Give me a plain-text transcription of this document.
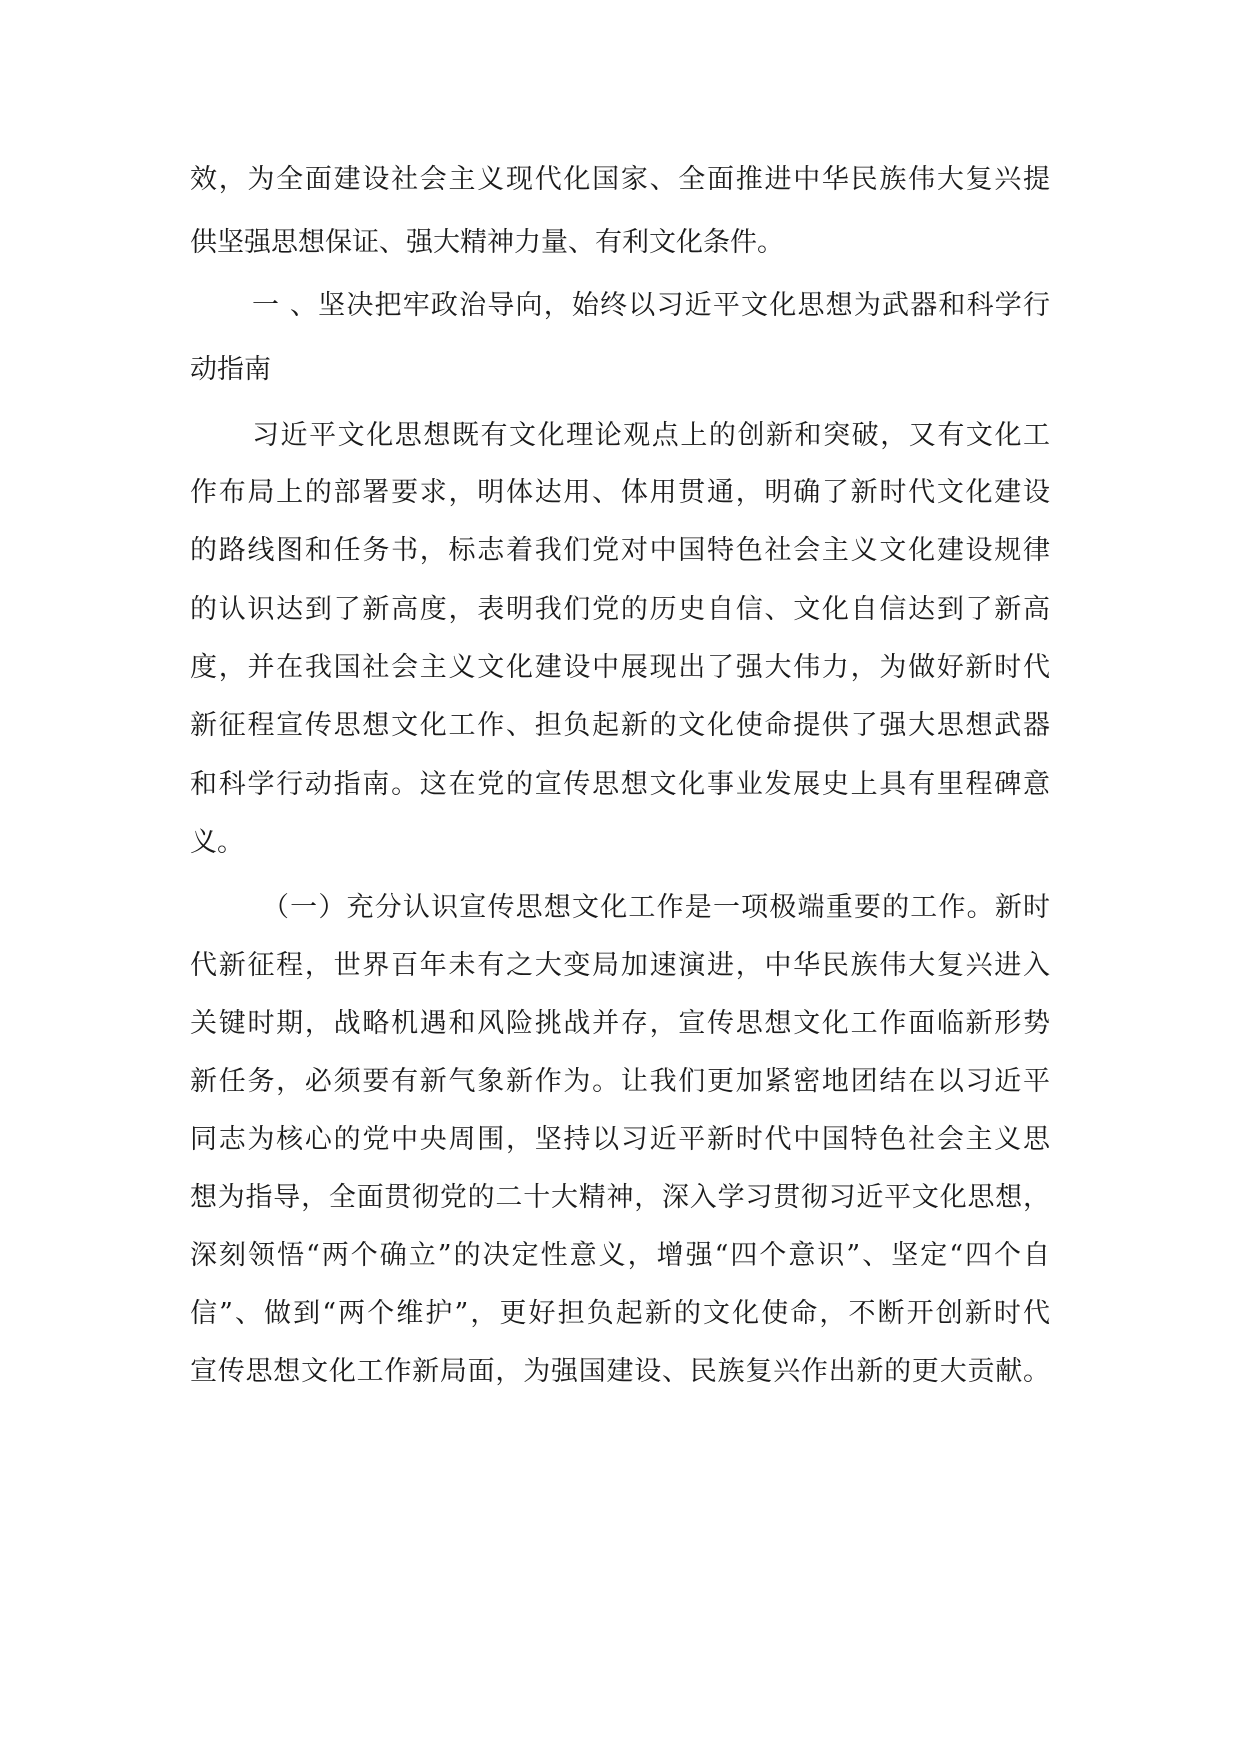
效，为全面建设社会主义现代化国家、全面推进中华民族伟大复兴提
供坚强思想保证、强大精神力量、有利文化条件。
一 、坚决把牢政治导向，始终以习近平文化思想为武器和科学行
动指南
习近平文化思想既有文化理论观点上的创新和突破，又有文化工
作布局上的部署要求，明体达用、体用贯通，明确了新时代文化建设
的路线图和任务书，标志着我们党对中国特色社会主义文化建设规律
的认识达到了新高度，表明我们党的历史自信、文化自信达到了新高
度，并在我国社会主义文化建设中展现出了强大伟力，为做好新时代
新征程宣传思想文化工作、担负起新的文化使命提供了强大思想武器
和科学行动指南。这在党的宣传思想文化事业发展史上具有里程碑意
义。
（一）充分认识宣传思想文化工作是一项极端重要的工作。新时
代新征程，世界百年未有之大变局加速演进，中华民族伟大复兴进入
关键时期，战略机遇和风险挑战并存，宣传思想文化工作面临新形势
新任务，必须要有新气象新作为。让我们更加紧密地团结在以习近平
同志为核心的党中央周围，坚持以习近平新时代中国特色社会主义思
想为指导，全面贯彻党的二十大精神，深入学习贯彻习近平文化思想，
深刻领悟“两个确立”的决定性意义，增强“四个意识”、坚定“四个自
信”、做到“两个维护”，更好担负起新的文化使命，不断开创新时代
宣传思想文化工作新局面，为强国建设、民族复兴作出新的更大贡献。
